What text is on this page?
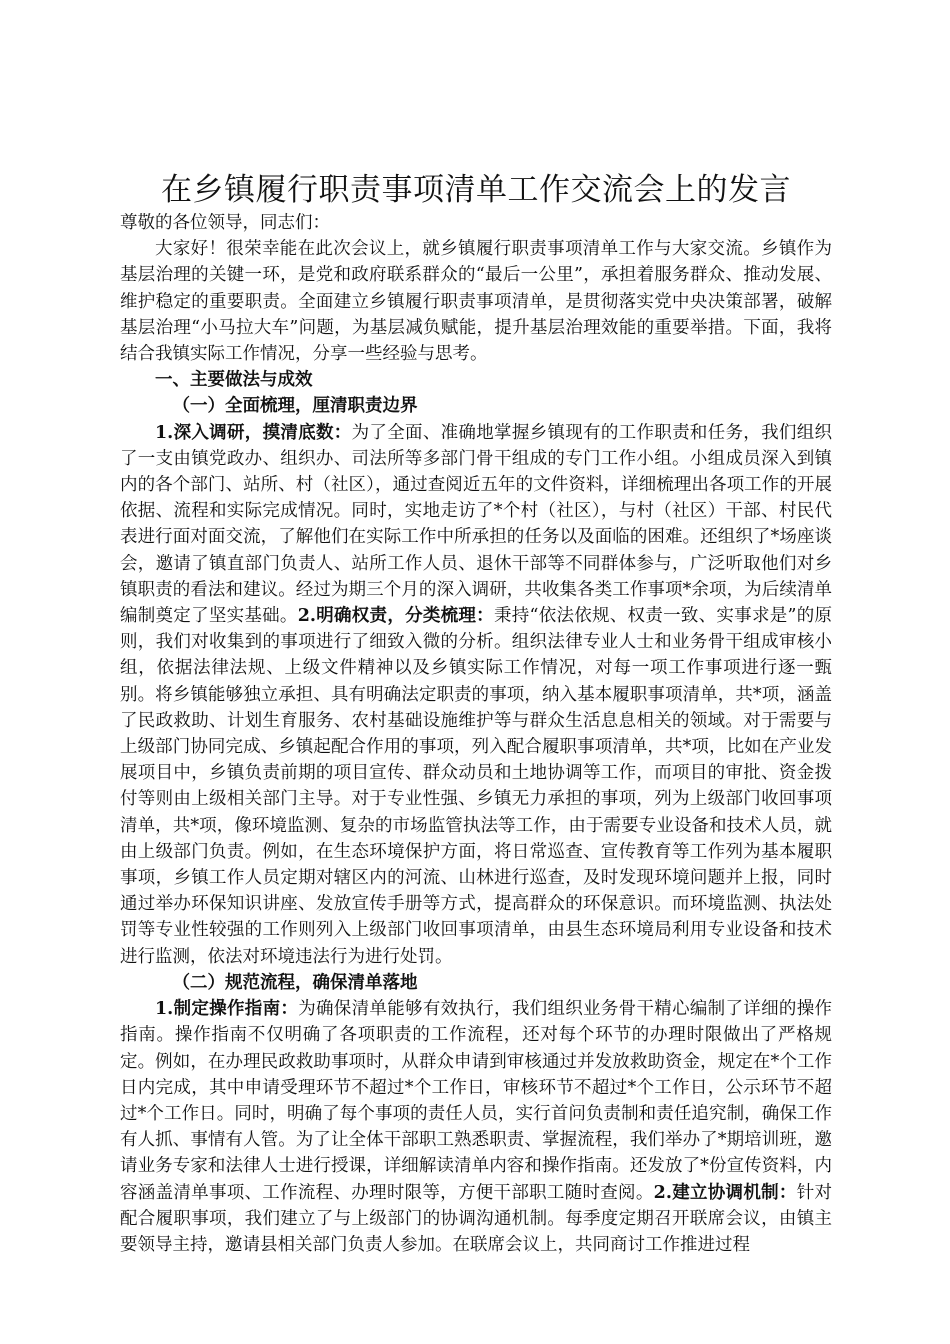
在乡镇履行职责事项清单工作交流会上的发言

尊敬的各位领导，同志们：

大家好！很荣幸能在此次会议上，就乡镇履行职责事项清单工作与大家交流。乡镇作为基层治理的关键一环，是党和政府联系群众的“最后一公里”，承担着服务群众、推动发展、维护稳定的重要职责。全面建立乡镇履行职责事项清单，是贯彻落实党中央决策部署，破解基层治理“小马拉大车”问题，为基层减负赋能，提升基层治理效能的重要举措。下面，我将结合我镇实际工作情况，分享一些经验与思考。

一、主要做法与成效

（一）全面梳理，厘清职责边界

1.深入调研，摸清底数：为了全面、准确地掌握乡镇现有的工作职责和任务，我们组织了一支由镇党政办、组织办、司法所等多部门骨干组成的专门工作小组。小组成员深入到镇内的各个部门、站所、村（社区），通过查阅近五年的文件资料，详细梳理出各项工作的开展依据、流程和实际完成情况。同时，实地走访了*个村（社区），与村（社区）干部、村民代表进行面对面交流，了解他们在实际工作中所承担的任务以及面临的困难。还组织了*场座谈会，邀请了镇直部门负责人、站所工作人员、退休干部等不同群体参与，广泛听取他们对乡镇职责的看法和建议。经过为期三个月的深入调研，共收集各类工作事项*余项，为后续清单编制奠定了坚实基础。2.明确权责，分类梳理：秉持“依法依规、权责一致、实事求是”的原则，我们对收集到的事项进行了细致入微的分析。组织法律专业人士和业务骨干组成审核小组，依据法律法规、上级文件精神以及乡镇实际工作情况，对每一项工作事项进行逐一甄别。将乡镇能够独立承担、具有明确法定职责的事项，纳入基本履职事项清单，共*项，涵盖了民政救助、计划生育服务、农村基础设施维护等与群众生活息息相关的领域。对于需要与上级部门协同完成、乡镇起配合作用的事项，列入配合履职事项清单，共*项，比如在产业发展项目中，乡镇负责前期的项目宣传、群众动员和土地协调等工作，而项目的审批、资金拨付等则由上级相关部门主导。对于专业性强、乡镇无力承担的事项，列为上级部门收回事项清单，共*项，像环境监测、复杂的市场监管执法等工作，由于需要专业设备和技术人员，就由上级部门负责。例如，在生态环境保护方面，将日常巡查、宣传教育等工作列为基本履职事项，乡镇工作人员定期对辖区内的河流、山林进行巡查，及时发现环境问题并上报，同时通过举办环保知识讲座、发放宣传手册等方式，提高群众的环保意识。而环境监测、执法处罚等专业性较强的工作则列入上级部门收回事项清单，由县生态环境局利用专业设备和技术进行监测，依法对环境违法行为进行处罚。

（二）规范流程，确保清单落地

1.制定操作指南：为确保清单能够有效执行，我们组织业务骨干精心编制了详细的操作指南。操作指南不仅明确了各项职责的工作流程，还对每个环节的办理时限做出了严格规定。例如，在办理民政救助事项时，从群众申请到审核通过并发放救助资金，规定在*个工作日内完成，其中申请受理环节不超过*个工作日，审核环节不超过*个工作日，公示环节不超过*个工作日。同时，明确了每个事项的责任人员，实行首问负责制和责任追究制，确保工作有人抓、事情有人管。为了让全体干部职工熟悉职责、掌握流程，我们举办了*期培训班，邀请业务专家和法律人士进行授课，详细解读清单内容和操作指南。还发放了*份宣传资料，内容涵盖清单事项、工作流程、办理时限等，方便干部职工随时查阅。2.建立协调机制：针对配合履职事项，我们建立了与上级部门的协调沟通机制。每季度定期召开联席会议，由镇主要领导主持，邀请县相关部门负责人参加。在联席会议上，共同商讨工作推进过程
